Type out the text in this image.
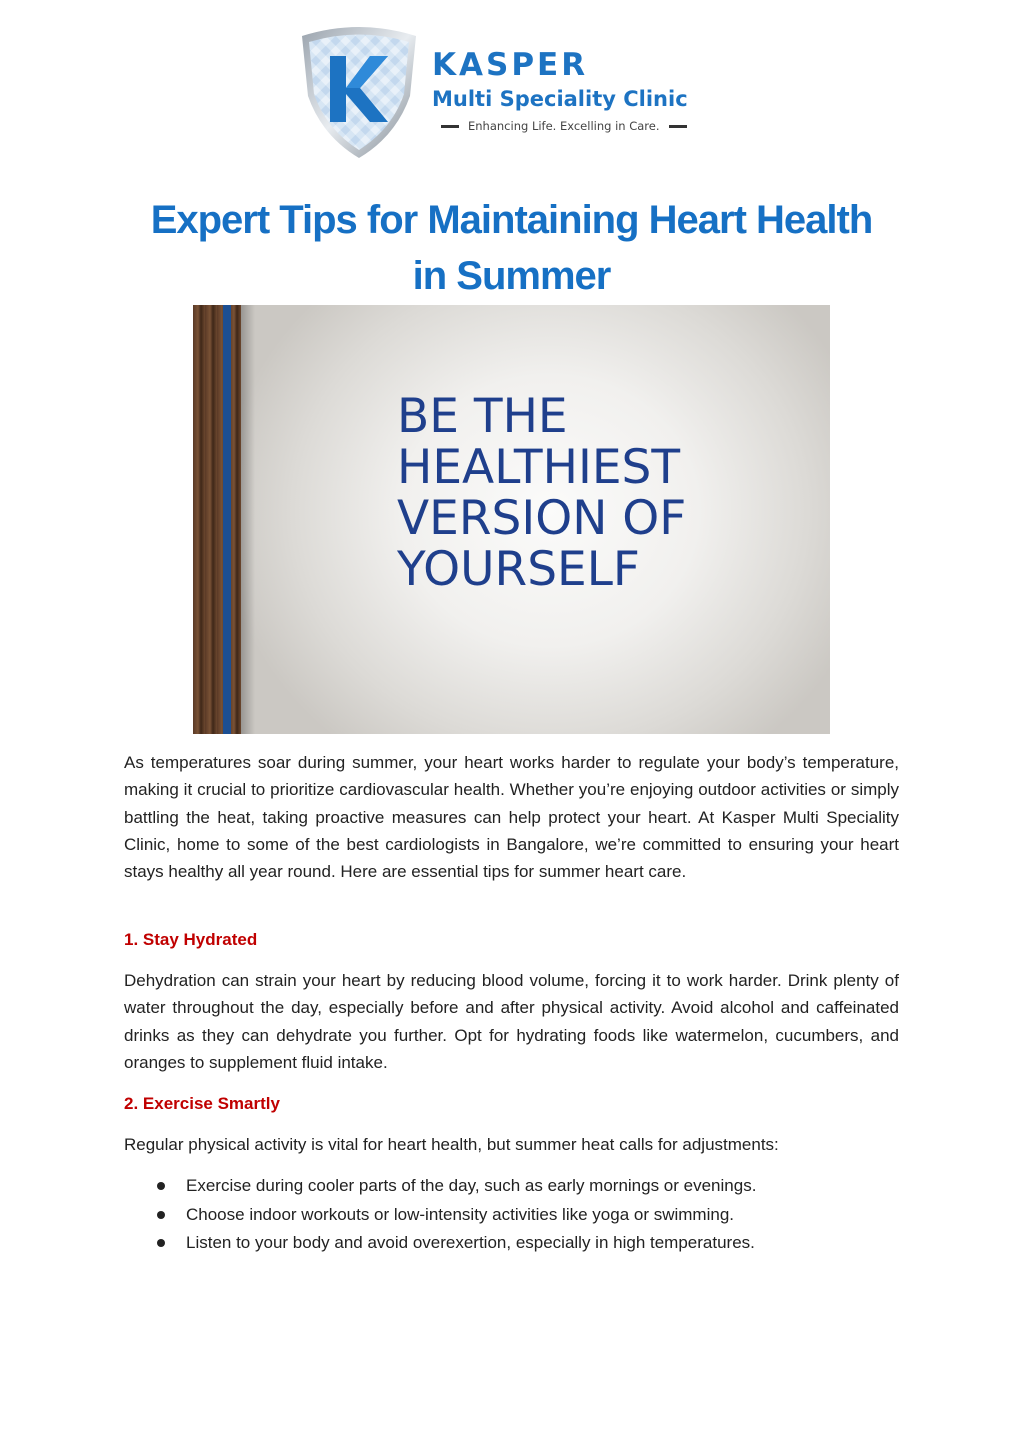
KASPER
Multi Speciality Clinic
Enhancing Life. Excelling in Care.
Expert Tips for Maintaining Heart Health
in Summer
BE THE
HEALTHIEST
VERSION OF
YOURSELF

As temperatures soar during summer, your heart works harder to regulate your body’s temperature, making it crucial to prioritize cardiovascular health. Whether you’re enjoying outdoor activities or simply battling the heat, taking proactive measures can help protect your heart. At Kasper Multi Speciality Clinic, home to some of the best cardiologists in Bangalore, we’re committed to ensuring your heart stays healthy all year round. Here are essential tips for summer heart care.

1. Stay Hydrated

Dehydration can strain your heart by reducing blood volume, forcing it to work harder. Drink plenty of water throughout the day, especially before and after physical activity. Avoid alcohol and caffeinated drinks as they can dehydrate you further. Opt for hydrating foods like watermelon, cucumbers, and oranges to supplement fluid intake.

2. Exercise Smartly

Regular physical activity is vital for heart health, but summer heat calls for adjustments:

Exercise during cooler parts of the day, such as early mornings or evenings.
Choose indoor workouts or low-intensity activities like yoga or swimming.
Listen to your body and avoid overexertion, especially in high temperatures.
